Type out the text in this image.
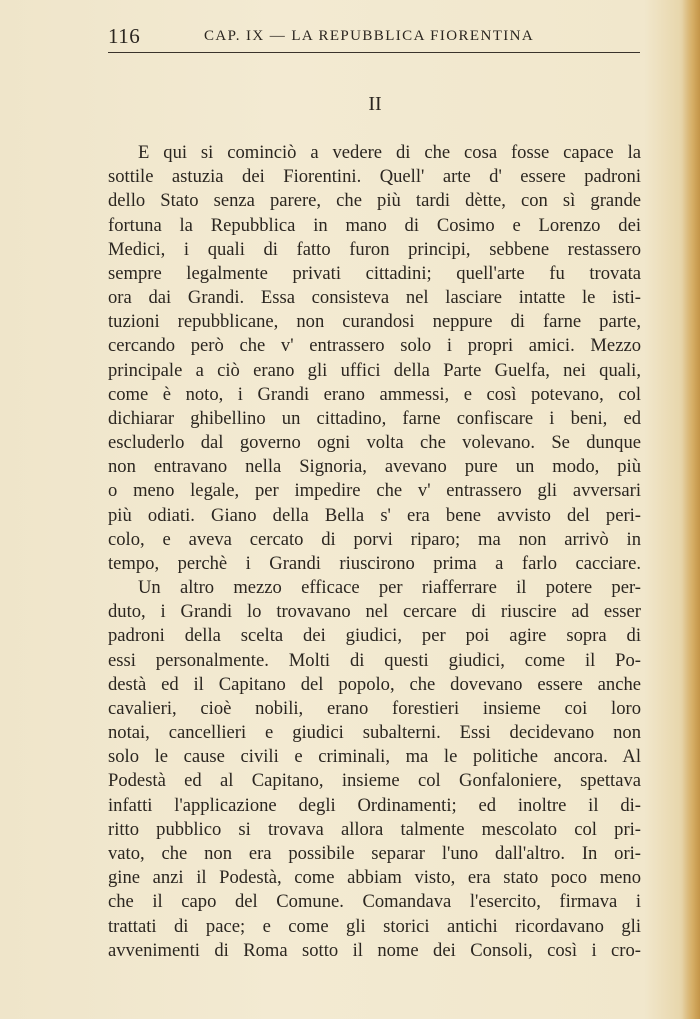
116	CAP. IX — LA REPUBBLICA FIORENTINA
II
E qui si cominciò a vedere di che cosa fosse capace la
sottile astuzia dei Fiorentini. Quell' arte d' essere padroni
dello Stato senza parere, che più tardi dètte, con sì grande
fortuna la Repubblica in mano di Cosimo e Lorenzo dei
Medici, i quali di fatto furon principi, sebbene restassero
sempre legalmente privati cittadini; quell'arte fu trovata
ora dai Grandi. Essa consisteva nel lasciare intatte le isti-
tuzioni repubblicane, non curandosi neppure di farne parte,
cercando però che v' entrassero solo i propri amici. Mezzo
principale a ciò erano gli uffici della Parte Guelfa, nei quali,
come è noto, i Grandi erano ammessi, e così potevano, col
dichiarar ghibellino un cittadino, farne confiscare i beni, ed
escluderlo dal governo ogni volta che volevano. Se dunque
non entravano nella Signoria, avevano pure un modo, più
o meno legale, per impedire che v' entrassero gli avversari
più odiati. Giano della Bella s' era bene avvisto del peri-
colo, e aveva cercato di porvi riparo; ma non arrivò in
tempo, perchè i Grandi riuscirono prima a farlo cacciare.
Un altro mezzo efficace per riafferrare il potere per-
duto, i Grandi lo trovavano nel cercare di riuscire ad esser
padroni della scelta dei giudici, per poi agire sopra di
essi personalmente. Molti di questi giudici, come il Po-
destà ed il Capitano del popolo, che dovevano essere anche
cavalieri, cioè nobili, erano forestieri insieme coi loro
notai, cancellieri e giudici subalterni. Essi decidevano non
solo le cause civili e criminali, ma le politiche ancora. Al
Podestà ed al Capitano, insieme col Gonfaloniere, spettava
infatti l'applicazione degli Ordinamenti; ed inoltre il di-
ritto pubblico si trovava allora talmente mescolato col pri-
vato, che non era possibile separar l'uno dall'altro. In ori-
gine anzi il Podestà, come abbiam visto, era stato poco meno
che il capo del Comune. Comandava l'esercito, firmava i
trattati di pace; e come gli storici antichi ricordavano gli
avvenimenti di Roma sotto il nome dei Consoli, così i cro-
